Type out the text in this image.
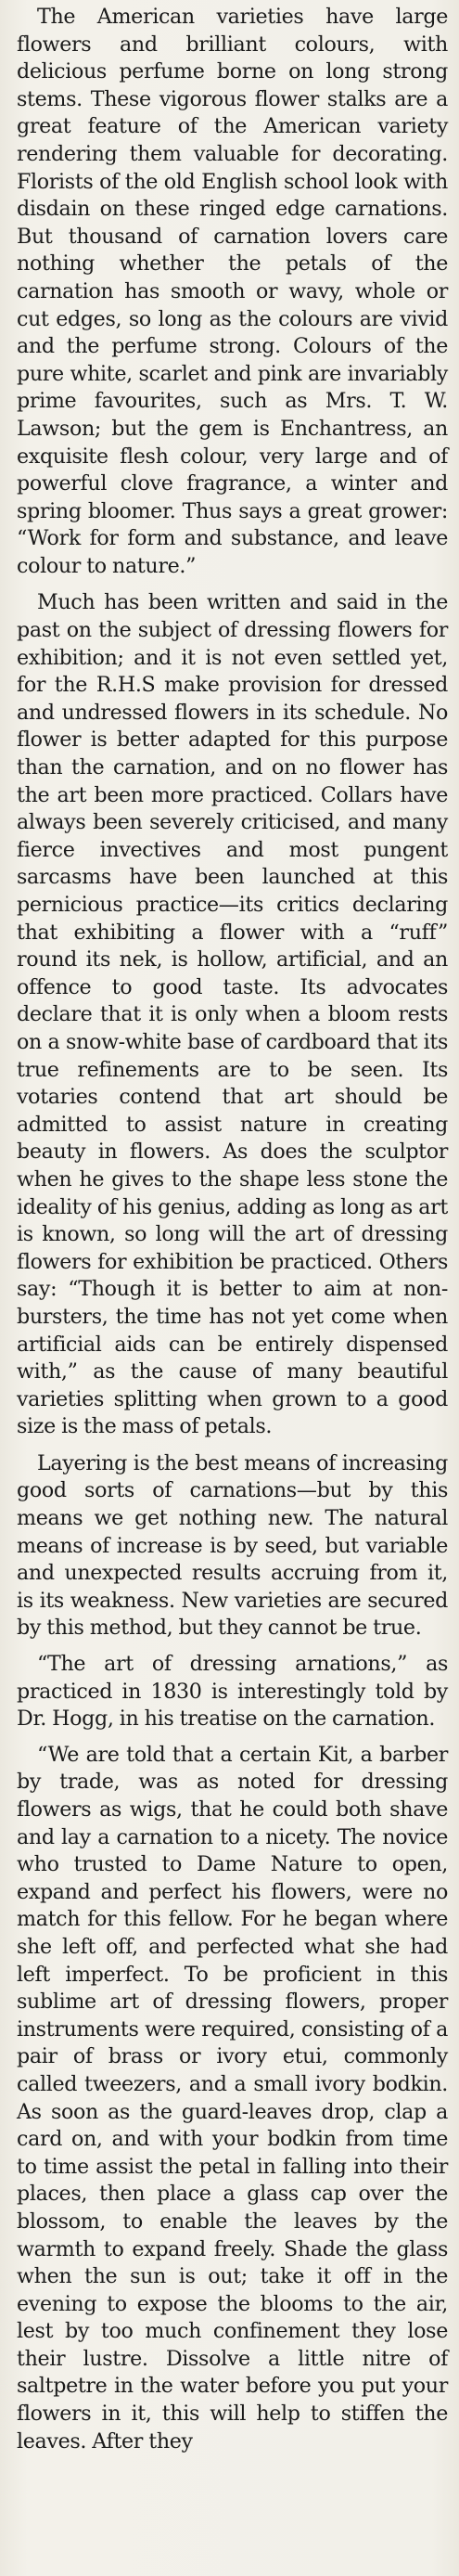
The American varieties have large flowers and brilliant colours, with delicious perfume borne on long strong stems. These vigorous flower stalks are a great feature of the American variety rendering them valuable for decorating. Florists of the old English school look with disdain on these ringed edge carnations. But thousand of carnation lovers care nothing whether the petals of the carnation has smooth or wavy, whole or cut edges, so long as the colours are vivid and the perfume strong. Colours of the pure white, scarlet and pink are invariably prime favourites, such as Mrs. T. W. Lawson; but the gem is Enchantress, an exquisite flesh colour, very large and of powerful clove fragrance, a winter and spring bloomer. Thus says a great grower: “Work for form and substance, and leave colour to nature.”

Much has been written and said in the past on the subject of dressing flowers for exhibition; and it is not even settled yet, for the R.H.S make provision for dressed and undressed flowers in its schedule. No flower is better adapted for this purpose than the carnation, and on no flower has the art been more practiced. Collars have always been severely criticised, and many fierce invectives and most pungent sarcasms have been launched at this pernicious practice—its critics declaring that exhibiting a flower with a “ruff” round its nek, is hollow, artificial, and an offence to good taste. Its advocates declare that it is only when a bloom rests on a snow-white base of cardboard that its true refinements are to be seen. Its votaries contend that art should be admitted to assist nature in creating beauty in flowers. As does the sculptor when he gives to the shape less stone the ideality of his genius, adding as long as art is known, so long will the art of dressing flowers for exhibition be practiced. Others say: “Though it is better to aim at non-bursters, the time has not yet come when artificial aids can be entirely dispensed with,” as the cause of many beautiful varieties splitting when grown to a good size is the mass of petals.

Layering is the best means of increasing good sorts of carnations—but by this means we get nothing new. The natural means of increase is by seed, but variable and unexpected results accruing from it, is its weakness. New varieties are secured by this method, but they cannot be true.

“The art of dressing arnations,” as practiced in 1830 is interestingly told by Dr. Hogg, in his treatise on the carnation.

“We are told that a certain Kit, a barber by trade, was as noted for dressing flowers as wigs, that he could both shave and lay a carnation to a nicety. The novice who trusted to Dame Nature to open, expand and perfect his flowers, were no match for this fellow. For he began where she left off, and perfected what she had left imperfect. To be proficient in this sublime art of dressing flowers, proper instruments were required, consisting of a pair of brass or ivory etui, commonly called tweezers, and a small ivory bodkin. As soon as the guard-leaves drop, clap a card on, and with your bodkin from time to time assist the petal in falling into their places, then place a glass cap over the blossom, to enable the leaves by the warmth to expand freely. Shade the glass when the sun is out; take it off in the evening to expose the blooms to the air, lest by too much confinement they lose their lustre. Dissolve a little nitre of saltpetre in the water before you put your flowers in it, this will help to stiffen the leaves. After they
